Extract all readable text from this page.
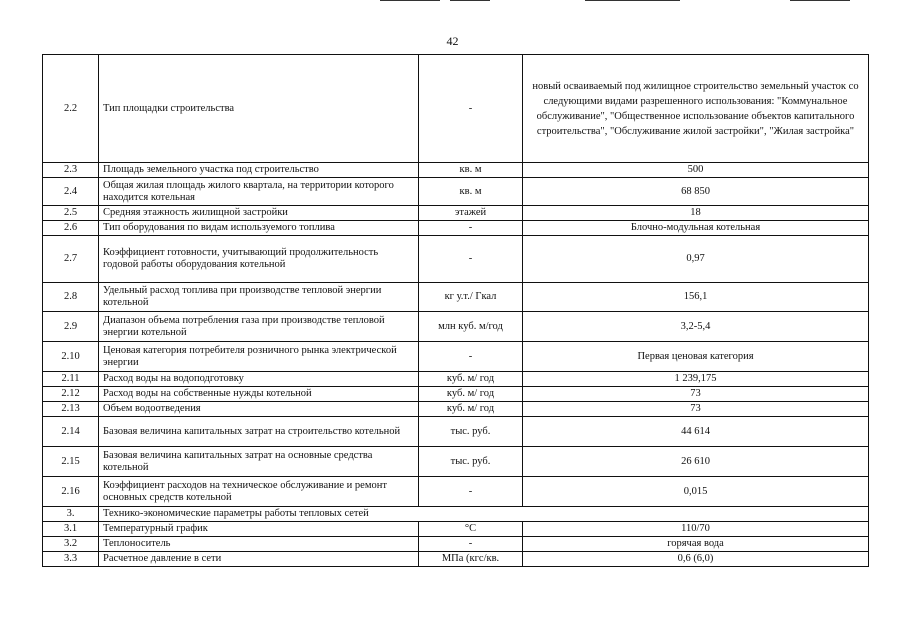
42
2.2	Тип площадки строительства	-	новый осваиваемый под жилищное строительство земельный участок со следующими видами разрешенного использования: "Коммунальное обслуживание", "Общественное использование объектов капитального строительства", "Обслуживание жилой застройки", "Жилая застройка"
2.3	Площадь земельного участка под строительство	кв. м	500
2.4	Общая жилая площадь жилого квартала, на территории которого находится котельная	кв. м	68 850
2.5	Средняя этажность жилищной застройки	этажей	18
2.6	Тип оборудования по видам используемого топлива	-	Блочно-модульная котельная
2.7	Коэффициент готовности, учитывающий продолжительность годовой работы оборудования котельной	-	0,97
2.8	Удельный расход топлива при производстве тепловой энергии котельной	кг у.т./ Гкал	156,1
2.9	Диапазон объема потребления газа при производстве тепловой энергии котельной	млн куб. м/год	3,2-5,4
2.10	Ценовая категория потребителя розничного рынка электрической энергии	-	Первая ценовая категория
2.11	Расход воды на водоподготовку	куб. м/ год	1 239,175
2.12	Расход воды на собственные нужды котельной	куб. м/ год	73
2.13	Объем водоотведения	куб. м/ год	73
2.14	Базовая величина капитальных затрат на строительство котельной	тыс. руб.	44 614
2.15	Базовая величина капитальных затрат на основные средства котельной	тыс. руб.	26 610
2.16	Коэффициент расходов на техническое обслуживание и ремонт основных средств котельной	-	0,015
3.	Технико-экономические параметры работы тепловых сетей		
3.1	Температурный график	°С	110/70
3.2	Теплоноситель	-	горячая вода
3.3	Расчетное давление в сети	МПа (кгс/кв.	0,6 (6,0)
